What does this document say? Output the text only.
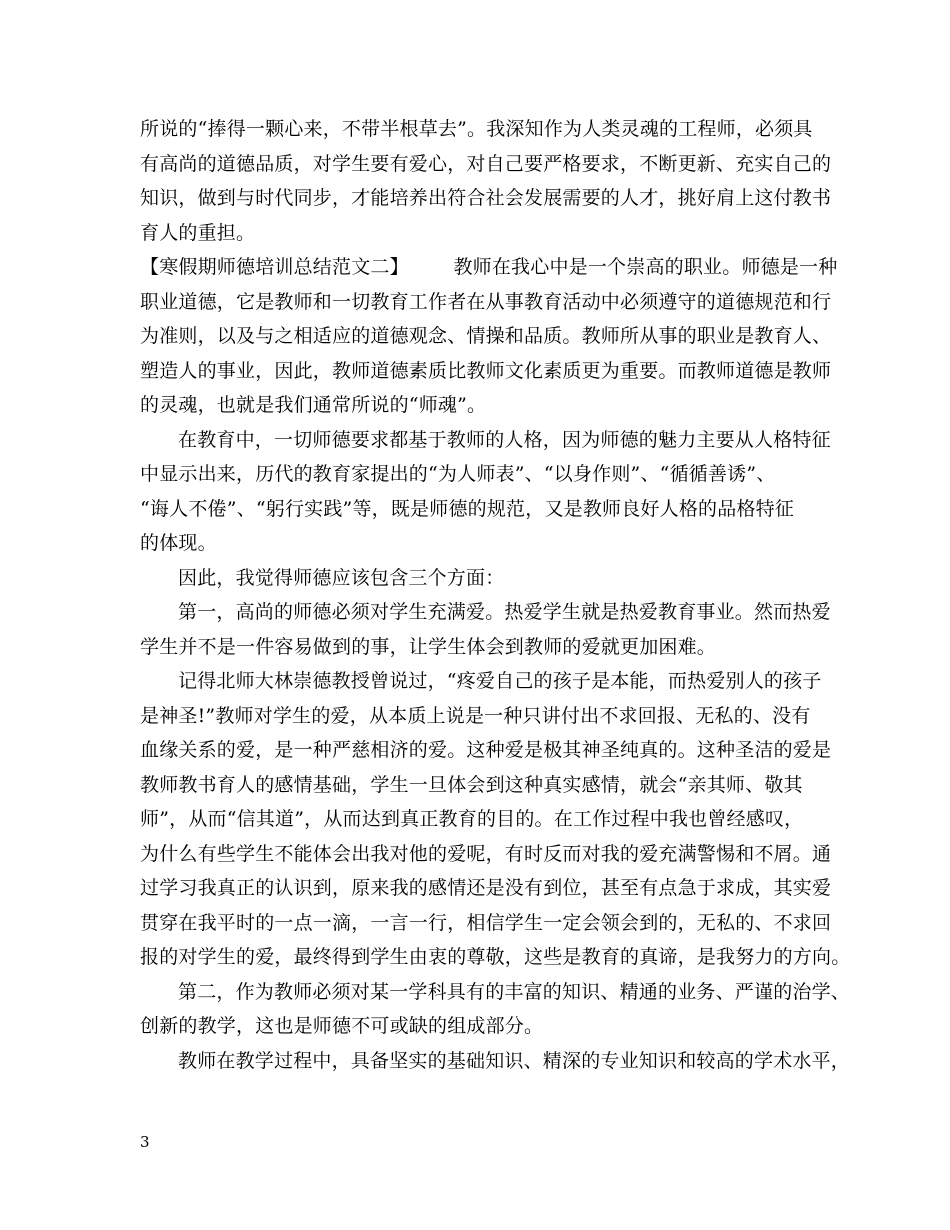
所说的“捧得一颗心来，不带半根草去”。我深知作为人类灵魂的工程师，必须具
有高尚的道德品质，对学生要有爱心，对自己要严格要求，不断更新、充实自己的
知识，做到与时代同步，才能培养出符合社会发展需要的人才，挑好肩上这付教书
育人的重担。
【寒假期师德培训总结范文二】 　　教师在我心中是一个崇高的职业。师德是一种
职业道德，它是教师和一切教育工作者在从事教育活动中必须遵守的道德规范和行
为准则，以及与之相适应的道德观念、情操和品质。教师所从事的职业是教育人、
塑造人的事业，因此，教师道德素质比教师文化素质更为重要。而教师道德是教师
的灵魂，也就是我们通常所说的“师魂”。
在教育中，一切师德要求都基于教师的人格，因为师德的魅力主要从人格特征
中显示出来，历代的教育家提出的“为人师表”、“以身作则”、“循循善诱”、
“诲人不倦”、“躬行实践”等，既是师德的规范，又是教师良好人格的品格特征
的体现。
因此，我觉得师德应该包含三个方面：
第一，高尚的师德必须对学生充满爱。热爱学生就是热爱教育事业。然而热爱
学生并不是一件容易做到的事，让学生体会到教师的爱就更加困难。
记得北师大林崇德教授曾说过，“疼爱自己的孩子是本能，而热爱别人的孩子
是神圣!”教师对学生的爱，从本质上说是一种只讲付出不求回报、无私的、没有
血缘关系的爱，是一种严慈相济的爱。这种爱是极其神圣纯真的。这种圣洁的爱是
教师教书育人的感情基础，学生一旦体会到这种真实感情，就会“亲其师、敬其
师”，从而“信其道”，从而达到真正教育的目的。在工作过程中我也曾经感叹，
为什么有些学生不能体会出我对他的爱呢，有时反而对我的爱充满警惕和不屑。通
过学习我真正的认识到，原来我的感情还是没有到位，甚至有点急于求成，其实爱
贯穿在我平时的一点一滴，一言一行，相信学生一定会领会到的，无私的、不求回
报的对学生的爱，最终得到学生由衷的尊敬，这些是教育的真谛，是我努力的方向。
第二，作为教师必须对某一学科具有的丰富的知识、精通的业务、严谨的治学、
创新的教学，这也是师德不可或缺的组成部分。
教师在教学过程中，具备坚实的基础知识、精深的专业知识和较高的学术水平，
3
